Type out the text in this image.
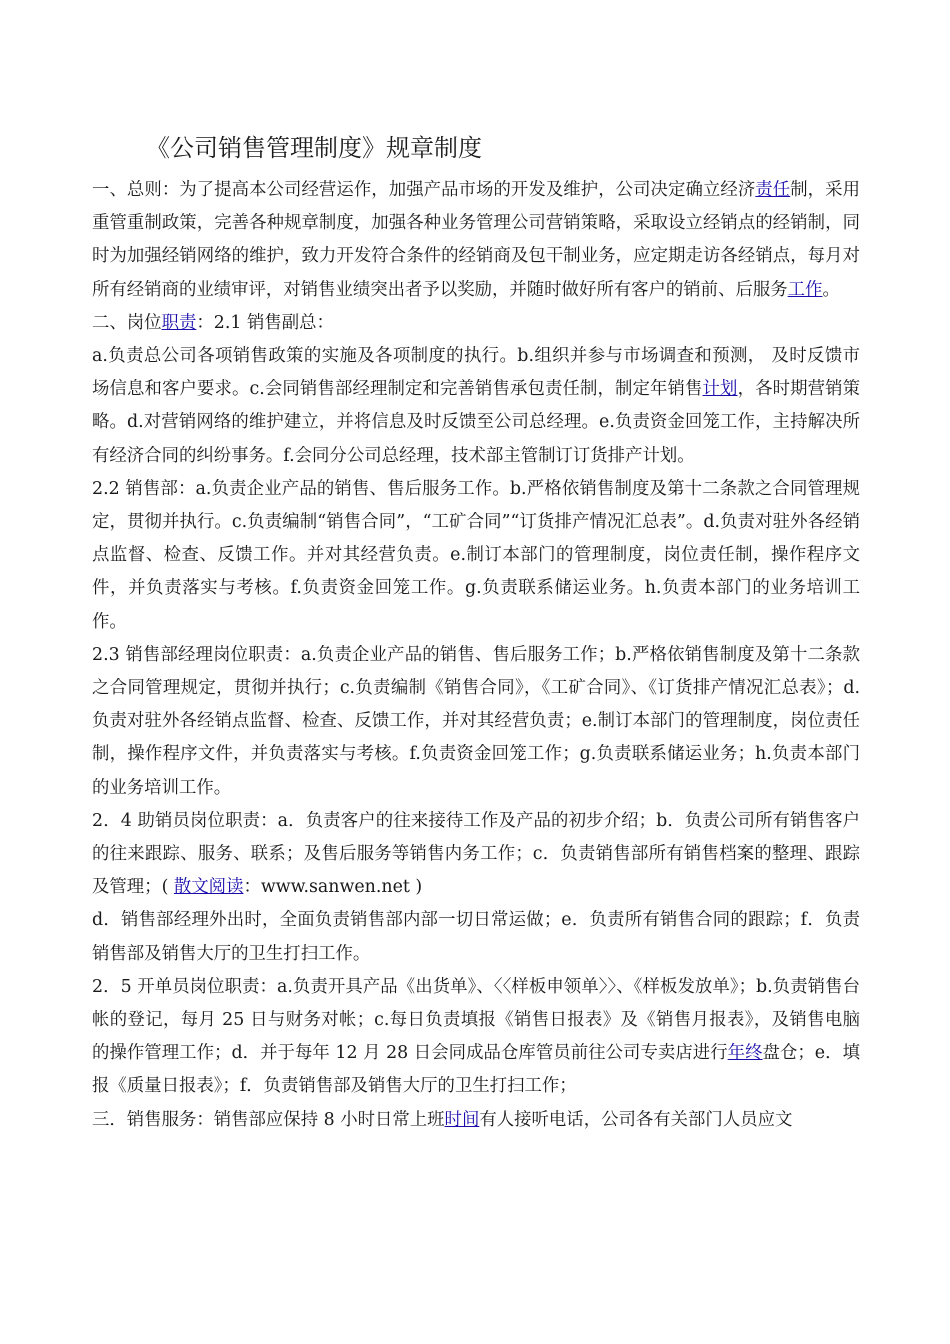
《公司销售管理制度》规章制度

一、总则：为了提高本公司经营运作，加强产品市场的开发及维护，公司决定确立经济责任制，采用重管重制政策，完善各种规章制度，加强各种业务管理公司营销策略，采取设立经销点的经销制，同时为加强经销网络的维护，致力开发符合条件的经销商及包干制业务，应定期走访各经销点，每月对所有经销商的业绩审评，对销售业绩突出者予以奖励，并随时做好所有客户的销前、后服务工作。

二、岗位职责：2.1 销售副总：

a.负责总公司各项销售政策的实施及各项制度的执行。b.组织并参与市场调查和预测， 及时反馈市场信息和客户要求。c.会同销售部经理制定和完善销售承包责任制，制定年销售计划，各时期营销策略。d.对营销网络的维护建立，并将信息及时反馈至公司总经理。e.负责资金回笼工作，主持解决所有经济合同的纠纷事务。f.会同分公司总经理，技术部主管制订订货排产计划。

2.2 销售部：a.负责企业产品的销售、售后服务工作。b.严格依销售制度及第十二条款之合同管理规定，贯彻并执行。c.负责编制“销售合同”，“工矿合同”“订货排产情况汇总表”。d.负责对驻外各经销点监督、检查、反馈工作。并对其经营负责。e.制订本部门的管理制度，岗位责任制，操作程序文件，并负责落实与考核。f.负责资金回笼工作。g.负责联系储运业务。h.负责本部门的业务培训工作。

2.3 销售部经理岗位职责：a.负责企业产品的销售、售后服务工作；b.严格依销售制度及第十二条款之合同管理规定，贯彻并执行；c.负责编制《销售合同》，《工矿合同》、《订货排产情况汇总表》；d.负责对驻外各经销点监督、检查、反馈工作，并对其经营负责；e.制订本部门的管理制度，岗位责任制，操作程序文件，并负责落实与考核。f.负责资金回笼工作；g.负责联系储运业务；h.负责本部门的业务培训工作。

2．4 助销员岗位职责：a．负责客户的往来接待工作及产品的初步介绍；b．负责公司所有销售客户的往来跟踪、服务、联系；及售后服务等销售内务工作；c．负责销售部所有销售档案的整理、跟踪及管理；( 散文阅读：www.sanwen.net )

d．销售部经理外出时，全面负责销售部内部一切日常运做；e．负责所有销售合同的跟踪；f．负责销售部及销售大厅的卫生打扫工作。

2．5 开单员岗位职责：a.负责开具产品《出货单》、〈〈样板申领单〉〉、《样板发放单》；b.负责销售台帐的登记，每月 25 日与财务对帐；c.每日负责填报《销售日报表》及《销售月报表》，及销售电脑的操作管理工作；d．并于每年 12 月 28 日会同成品仓库管员前往公司专卖店进行年终盘仓；e．填报《质量日报表》；f．负责销售部及销售大厅的卫生打扫工作；

三．销售服务：销售部应保持 8 小时日常上班时间有人接听电话，公司各有关部门人员应文
